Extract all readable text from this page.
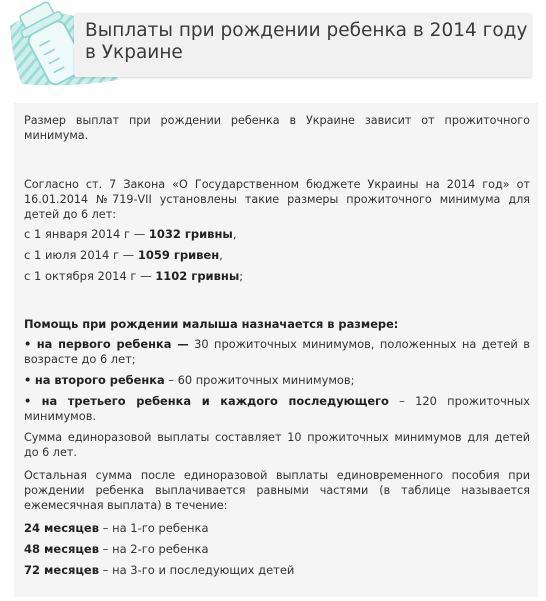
Выплаты при рождении ребенка в 2014 году в Украине

Размер выплат при рождении ребенка в Украине зависит от прожиточного минимума.

Согласно ст. 7 Закона «О Государственном бюджете Украины на 2014 год» от 16.01.2014 №719-VII установлены такие размеры прожиточного минимума для детей до 6 лет:

с 1 января 2014 г — 1032 гривны,

с 1 июля 2014 г — 1059 гривен,

с 1 октября 2014 г — 1102 гривны;

Помощь при рождении малыша назначается в размере:

• на первого ребенка — 30 прожиточных минимумов, положенных на детей в возрасте до 6 лет;

• на второго ребенка – 60 прожиточных минимумов;

• на третьего ребенка и каждого последующего – 120 прожиточных минимумов.

Сумма единоразовой выплаты составляет 10 прожиточных минимумов для детей до 6 лет.

Остальная сумма после единоразовой выплаты единовременного пособия при рождении ребенка выплачивается равными частями (в таблице называется ежемесячная выплата) в течение:

24 месяцев – на 1-го ребенка

48 месяцев – на 2-го ребенка

72 месяцев – на 3-го и последующих детей
